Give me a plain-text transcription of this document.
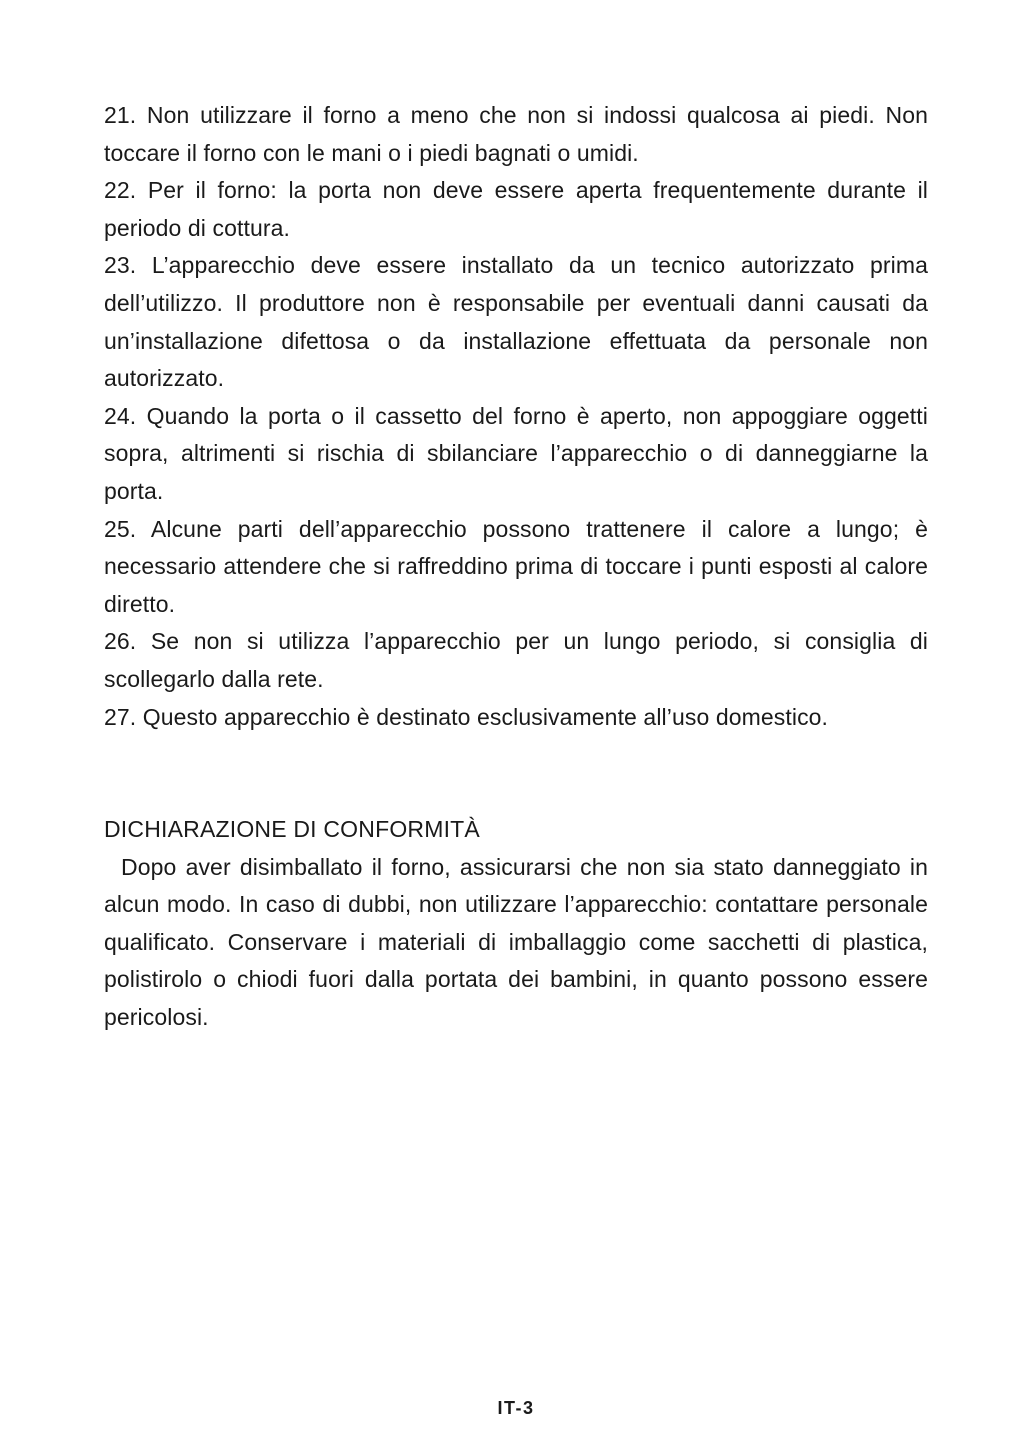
21. Non utilizzare il forno a meno che non si indossi qualcosa ai piedi. Non toccare il forno con le mani o i piedi bagnati o umidi.

22. Per il forno: la porta non deve essere aperta frequentemente durante il periodo di cottura.

23. L’apparecchio deve essere installato da un tecnico autorizzato prima dell’utilizzo. Il produttore non è responsabile per eventuali danni causati da un’installazione difettosa o da installazione effettuata da personale non autorizzato.

24. Quando la porta o il cassetto del forno è aperto, non appoggiare oggetti sopra, altrimenti si rischia di sbilanciare l’apparecchio o di danneggiarne la porta.

25. Alcune parti dell’apparecchio possono trattenere il calore a lungo; è necessario attendere che si raffreddino prima di toccare i punti esposti al calore diretto.

26. Se non si utilizza l’apparecchio per un lungo periodo, si consiglia di scollegarlo dalla rete.

27. Questo apparecchio è destinato esclusivamente all’uso domestico.

DICHIARAZIONE DI CONFORMITÀ

Dopo aver disimballato il forno, assicurarsi che non sia stato danneggiato in alcun modo. In caso di dubbi, non utilizzare l’apparecchio: contattare personale qualificato. Conservare i materiali di imballaggio come sacchetti di plastica, polistirolo o chiodi fuori dalla portata dei bambini, in quanto possono essere pericolosi.

IT-3
